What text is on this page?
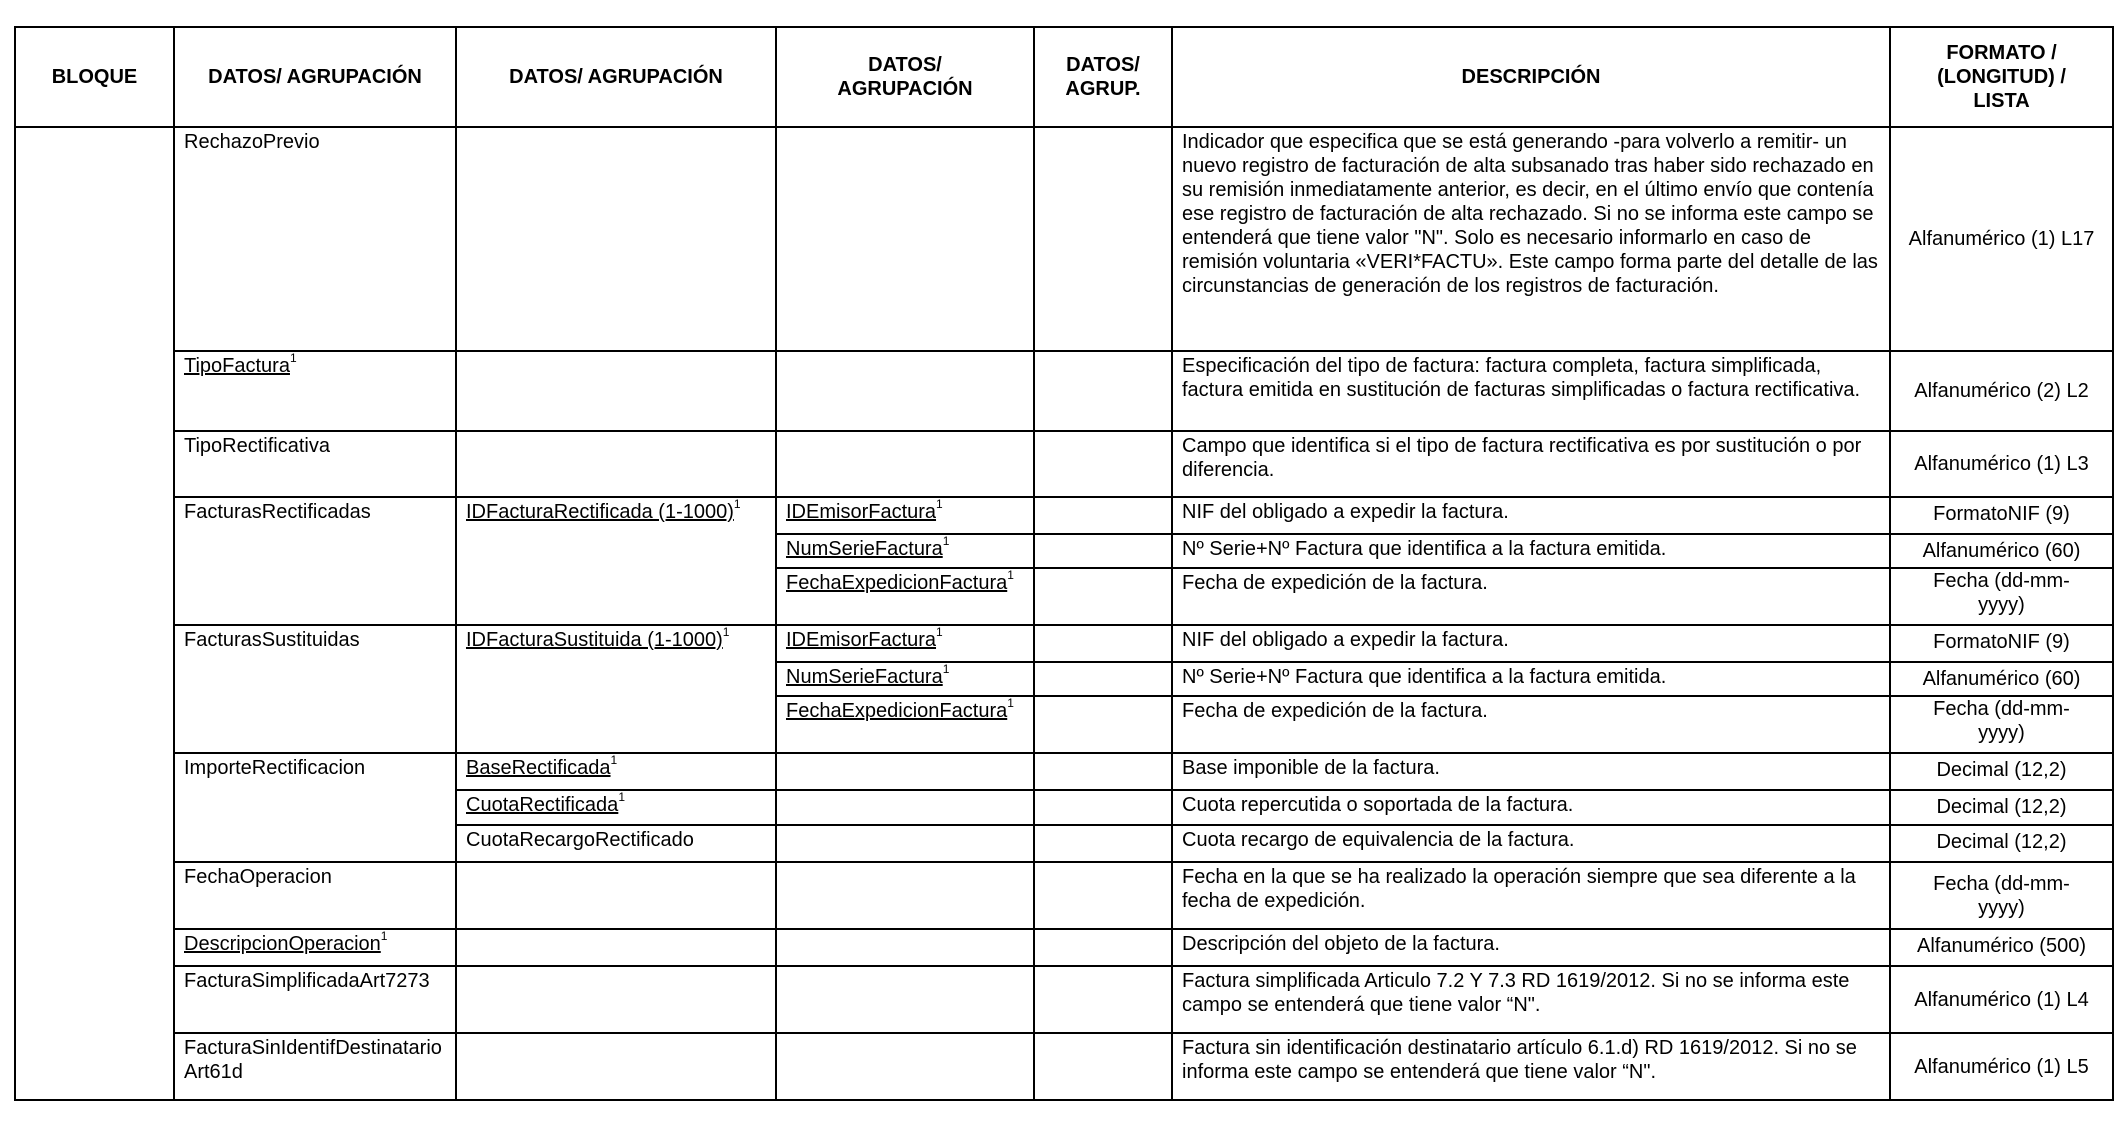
BLOQUE	DATOS/ AGRUPACIÓN	DATOS/ AGRUPACIÓN	DATOS/ AGRUPACIÓN	DATOS/ AGRUP.	DESCRIPCIÓN	FORMATO / (LONGITUD) / LISTA
	RechazoPrevio				Indicador que especifica que se está generando -para volverlo a remitir- un nuevo registro de facturación de alta subsanado tras haber sido rechazado en su remisión inmediatamente anterior, es decir, en el último envío que contenía ese registro de facturación de alta rechazado. Si no se informa este campo se entenderá que tiene valor "N". Solo es necesario informarlo en caso de remisión voluntaria «VERI*FACTU». Este campo forma parte del detalle de las circunstancias de generación de los registros de facturación.	Alfanumérico (1) L17
	TipoFactura$^1$				Especificación del tipo de factura: factura completa, factura simplificada, factura emitida en sustitución de facturas simplificadas o factura rectificativa.	Alfanumérico (2) L2
	TipoRectificativa				Campo que identifica si el tipo de factura rectificativa es por sustitución o por diferencia.	Alfanumérico (1) L3
	FacturasRectificadas	IDFacturaRectificada $(1-1000)^1$	IDEmisorFactura$^1$		NIF del obligado a expedir la factura.	FormatoNIF (9)
			NumSerieFactura$^1$		Nº Serie+Nº Factura que identifica a la factura emitida.	Alfanumérico (60)
			FechaExpedicionFactura$^1$		Fecha de expedición de la factura.	Fecha (dd-mm-yyyy)
	FacturasSustituidas	IDFacturaSustituida $(1-1000)^1$	IDEmisorFactura$^1$		NIF del obligado a expedir la factura.	FormatoNIF (9)
			NumSerieFactura$^1$		Nº Serie+Nº Factura que identifica a la factura emitida.	Alfanumérico (60)
			FechaExpedicionFactura$^1$		Fecha de expedición de la factura.	Fecha (dd-mm-yyyy)
	ImporteRectificacion	BaseRectificada$^1$			Base imponible de la factura.	Decimal (12,2)
		CuotaRectificada$^1$			Cuota repercutida o soportada de la factura.	Decimal (12,2)
		CuotaRecargoRectificado			Cuota recargo de equivalencia de la factura.	Decimal (12,2)
	FechaOperacion				Fecha en la que se ha realizado la operación siempre que sea diferente a la fecha de expedición.	Fecha (dd-mm-yyyy)
	DescripcionOperacion$^1$				Descripción del objeto de la factura.	Alfanumérico (500)
	FacturaSimplificadaArt7273				Factura simplificada Articulo 7.2 Y 7.3 RD 1619/2012. Si no se informa este campo se entenderá que tiene valor “N".	Alfanumérico (1) L4
	FacturaSinIdentifDestinatarioArt61d				Factura sin identificación destinatario artículo 6.1.d) RD 1619/2012. Si no se informa este campo se entenderá que tiene valor “N".	Alfanumérico (1) L5
